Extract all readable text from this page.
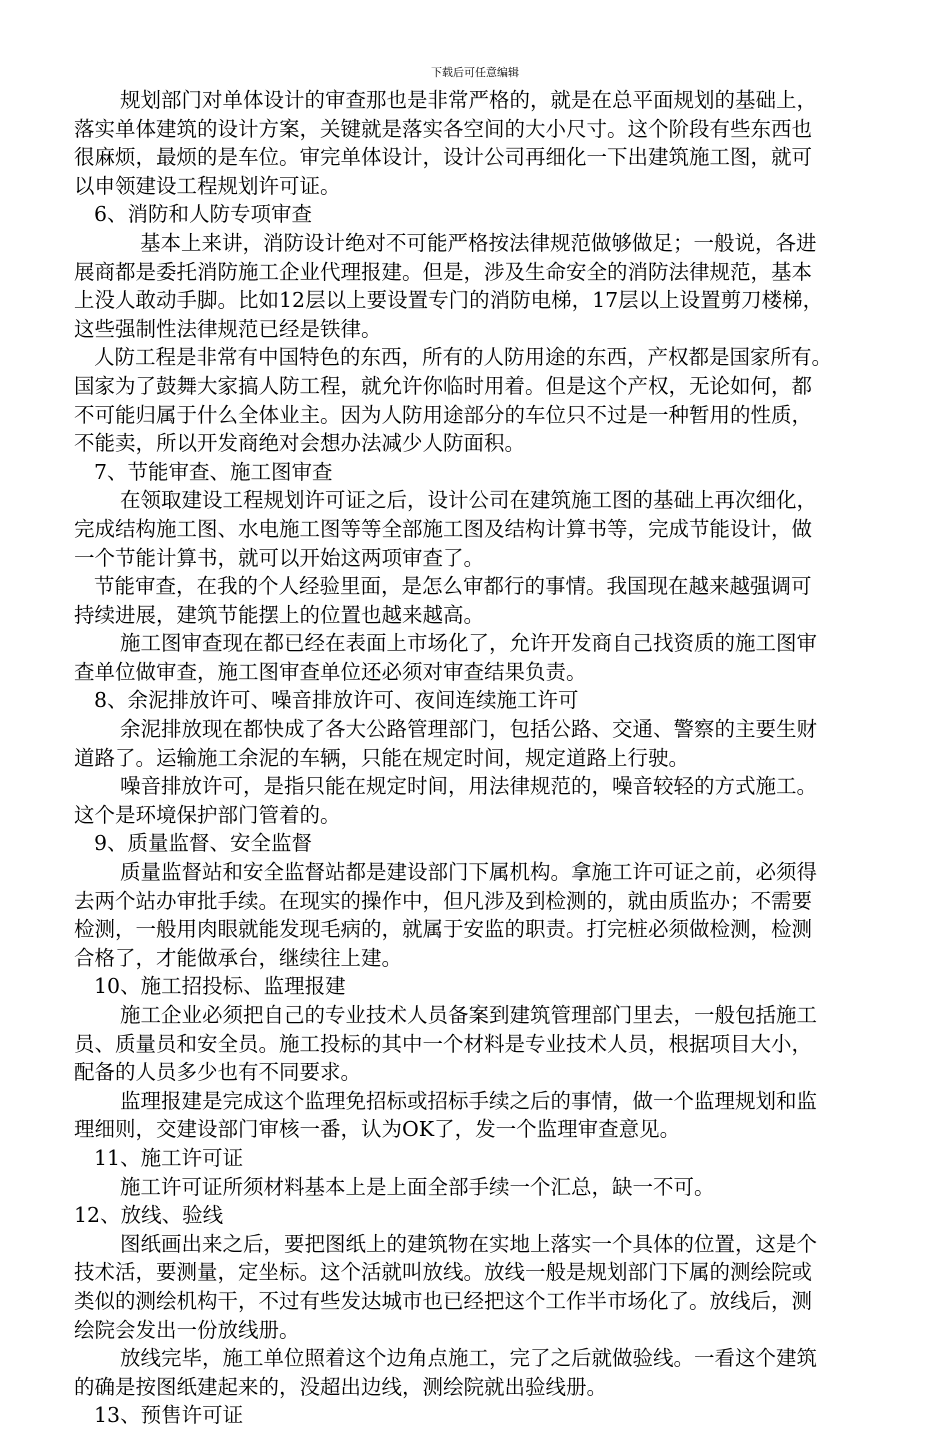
下载后可任意编辑
规划部门对单体设计的审查那也是非常严格的，就是在总平面规划的基础上，
落实单体建筑的设计方案，关键就是落实各空间的大小尺寸。这个阶段有些东西也
很麻烦，最烦的是车位。审完单体设计，设计公司再细化一下出建筑施工图，就可
以申领建设工程规划许可证。
6、消防和人防专项审查
基本上来讲，消防设计绝对不可能严格按法律规范做够做足；一般说，各进
展商都是委托消防施工企业代理报建。但是，涉及生命安全的消防法律规范，基本
上没人敢动手脚。比如12层以上要设置专门的消防电梯，17层以上设置剪刀楼梯，
这些强制性法律规范已经是铁律。
人防工程是非常有中国特色的东西，所有的人防用途的东西，产权都是国家所有。
国家为了鼓舞大家搞人防工程，就允许你临时用着。但是这个产权，无论如何，都
不可能归属于什么全体业主。因为人防用途部分的车位只不过是一种暂用的性质，
不能卖，所以开发商绝对会想办法减少人防面积。
7、节能审查、施工图审查
在领取建设工程规划许可证之后，设计公司在建筑施工图的基础上再次细化，
完成结构施工图、水电施工图等等全部施工图及结构计算书等，完成节能设计，做
一个节能计算书，就可以开始这两项审查了。
节能审查，在我的个人经验里面，是怎么审都行的事情。我国现在越来越强调可
持续进展，建筑节能摆上的位置也越来越高。
施工图审查现在都已经在表面上市场化了，允许开发商自己找资质的施工图审
查单位做审查，施工图审查单位还必须对审查结果负责。
8、余泥排放许可、噪音排放许可、夜间连续施工许可
余泥排放现在都快成了各大公路管理部门，包括公路、交通、警察的主要生财
道路了。运输施工余泥的车辆，只能在规定时间，规定道路上行驶。
噪音排放许可，是指只能在规定时间，用法律规范的，噪音较轻的方式施工。
这个是环境保护部门管着的。
9、质量监督、安全监督
质量监督站和安全监督站都是建设部门下属机构。拿施工许可证之前，必须得
去两个站办审批手续。在现实的操作中，但凡涉及到检测的，就由质监办；不需要
检测，一般用肉眼就能发现毛病的，就属于安监的职责。打完桩必须做检测，检测
合格了，才能做承台，继续往上建。
10、施工招投标、监理报建
施工企业必须把自己的专业技术人员备案到建筑管理部门里去，一般包括施工
员、质量员和安全员。施工投标的其中一个材料是专业技术人员，根据项目大小，
配备的人员多少也有不同要求。
监理报建是完成这个监理免招标或招标手续之后的事情，做一个监理规划和监
理细则，交建设部门审核一番，认为OK了，发一个监理审查意见。
11、施工许可证
施工许可证所须材料基本上是上面全部手续一个汇总，缺一不可。
12、放线、验线
图纸画出来之后，要把图纸上的建筑物在实地上落实一个具体的位置，这是个
技术活，要测量，定坐标。这个活就叫放线。放线一般是规划部门下属的测绘院或
类似的测绘机构干，不过有些发达城市也已经把这个工作半市场化了。放线后，测
绘院会发出一份放线册。
放线完毕，施工单位照着这个边角点施工，完了之后就做验线。一看这个建筑
的确是按图纸建起来的，没超出边线，测绘院就出验线册。
13、预售许可证
